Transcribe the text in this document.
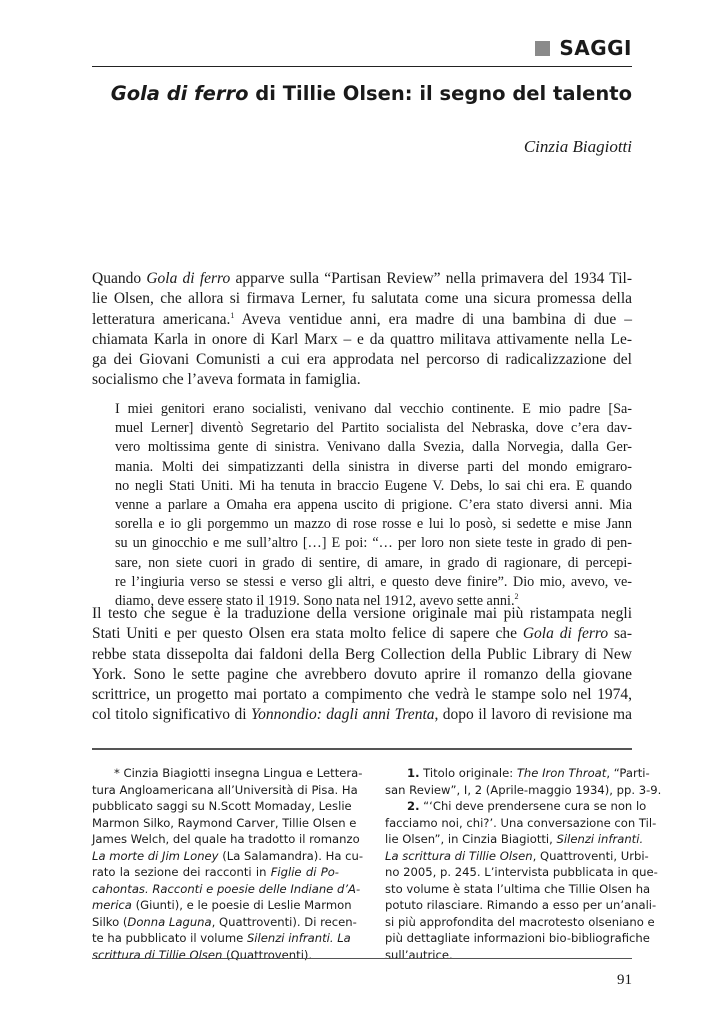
SAGGI
Gola di ferro di Tillie Olsen: il segno del talento
Cinzia Biagiotti
Quando Gola di ferro apparve sulla “Partisan Review” nella primavera del 1934 Til-
lie Olsen, che allora si firmava Lerner, fu salutata come una sicura promessa della
letteratura americana.$^1$ Aveva ventidue anni, era madre di una bambina di due –
chiamata Karla in onore di Karl Marx – e da quattro militava attivamente nella Le-
ga dei Giovani Comunisti a cui era approdata nel percorso di radicalizzazione del
socialismo che l’aveva formata in famiglia.
I miei genitori erano socialisti, venivano dal vecchio continente. E mio padre [Sa-
muel Lerner] diventò Segretario del Partito socialista del Nebraska, dove c’era dav-
vero moltissima gente di sinistra. Venivano dalla Svezia, dalla Norvegia, dalla Ger-
mania. Molti dei simpatizzanti della sinistra in diverse parti del mondo emigraro-
no negli Stati Uniti. Mi ha tenuta in braccio Eugene V. Debs, lo sai chi era. E quando
venne a parlare a Omaha era appena uscito di prigione. C’era stato diversi anni. Mia
sorella e io gli porgemmo un mazzo di rose rosse e lui lo posò, si sedette e mise Jann
su un ginocchio e me sull’altro […] E poi: “… per loro non siete teste in grado di pen-
sare, non siete cuori in grado di sentire, di amare, in grado di ragionare, di percepi-
re l’ingiuria verso se stessi e verso gli altri, e questo deve finire”. Dio mio, avevo, ve-
diamo, deve essere stato il 1919. Sono nata nel 1912, avevo sette anni.$^2$
Il testo che segue è la traduzione della versione originale mai più ristampata negli
Stati Uniti e per questo Olsen era stata molto felice di sapere che Gola di ferro sa-
rebbe stata dissepolta dai faldoni della Berg Collection della Public Library di New
York. Sono le sette pagine che avrebbero dovuto aprire il romanzo della giovane
scrittrice, un progetto mai portato a compimento che vedrà le stampe solo nel 1974,
col titolo significativo di Yonnondio: dagli anni Trenta, dopo il lavoro di revisione ma
* Cinzia Biagiotti insegna Lingua e Lettera-
tura Angloamericana all’Università di Pisa. Ha
pubblicato saggi su N.Scott Momaday, Leslie
Marmon Silko, Raymond Carver, Tillie Olsen e
James Welch, del quale ha tradotto il romanzo
La morte di Jim Loney (La Salamandra). Ha cu-
rato la sezione dei racconti in Figlie di Po-
cahontas. Racconti e poesie delle Indiane d’A-
merica (Giunti), e le poesie di Leslie Marmon
Silko (Donna Laguna, Quattroventi). Di recen-
te ha pubblicato il volume Silenzi infranti. La
scrittura di Tillie Olsen (Quattroventi).
1. Titolo originale: The Iron Throat, “Parti-
san Review”, I, 2 (Aprile-maggio 1934), pp. 3-9.
2. “‘Chi deve prendersene cura se non lo
facciamo noi, chi?’. Una conversazione con Til-
lie Olsen”, in Cinzia Biagiotti, Silenzi infranti.
La scrittura di Tillie Olsen, Quattroventi, Urbi-
no 2005, p. 245. L’intervista pubblicata in que-
sto volume è stata l’ultima che Tillie Olsen ha
potuto rilasciare. Rimando a esso per un’anali-
si più approfondita del macrotesto olseniano e
più dettagliate informazioni bio-bibliografiche
sull’autrice.
91
